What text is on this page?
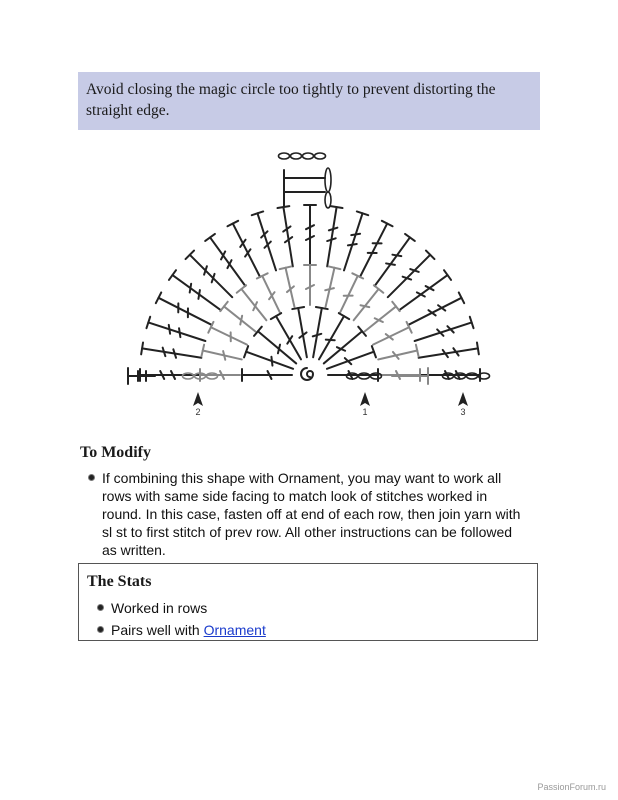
Avoid closing the magic circle too tightly to prevent distorting the straight edge.
2	1	3
To Modify
If combining this shape with Ornament, you may want to work all rows with same side facing to match look of stitches worked in round. In this case, fasten off at end of each row, then join yarn with sl st to first stitch of prev row. All other instructions can be followed as written.
The Stats
Worked in rows
Pairs well with Ornament
PassionForum.ru
